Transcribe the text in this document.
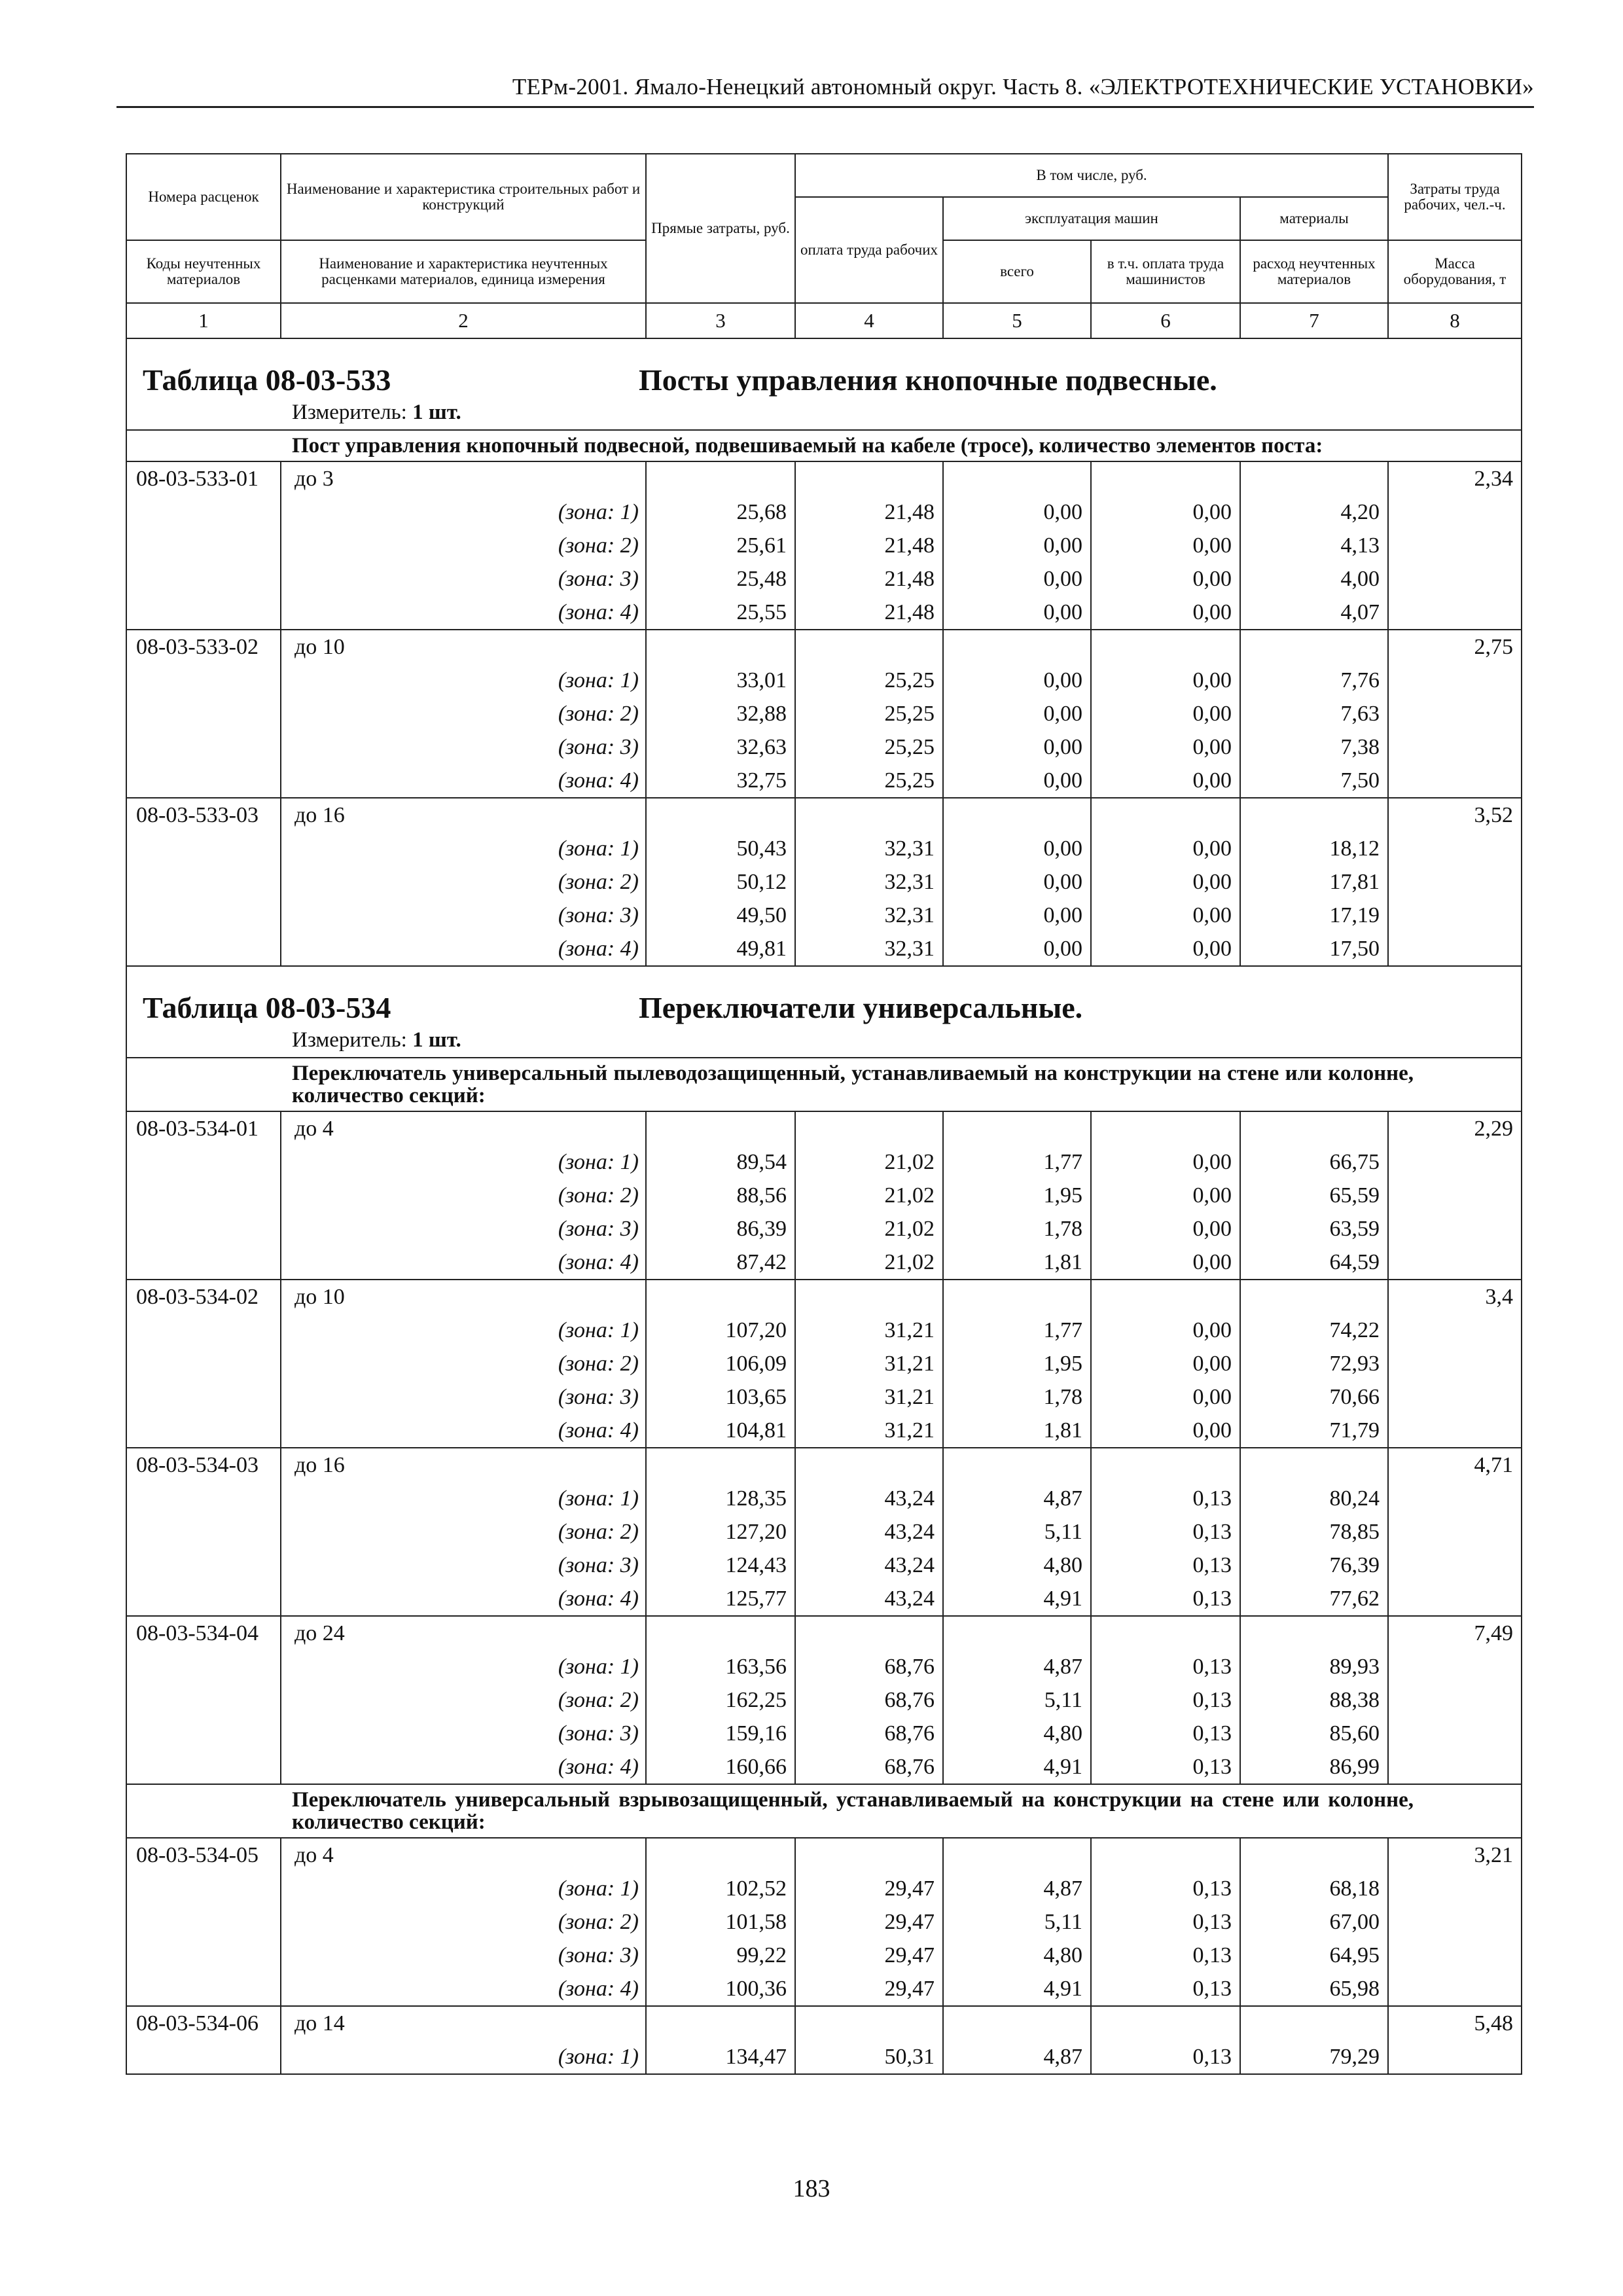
ТЕРм-2001. Ямало-Ненецкий автономный округ. Часть 8. «ЭЛЕКТРОТЕХНИЧЕСКИЕ УСТАНОВКИ»
Номера расценок	Наименование и характеристика строительных работ и конструкций	Прямые затраты, руб.	В том числе, руб.				Затраты труда рабочих, чел.-ч.
			оплата труда рабочих	эксплуатация машин		материалы	
Коды неучтенных материалов	Наименование и характеристика неучтенных расценками материалов, единица измерения			всего	в т.ч. оплата труда машинистов	расход неучтенных материалов	Масса оборудования, т
1	2	3	4	5	6	7	8

Таблица 08-03-533 Посты управления кнопочные подвесные.
Измеритель: 1 шт.							

Пост управления кнопочный подвесной, подвешиваемый на кабеле (тросе), количество элементов поста:							

08-03-533-01	до 3						2,34
	(зона: 1)	25,68	21,48	0,00	0,00	4,20	
	(зона: 2)	25,61	21,48	0,00	0,00	4,13	
	(зона: 3)	25,48	21,48	0,00	0,00	4,00	
	(зона: 4)	25,55	21,48	0,00	0,00	4,07	
08-03-533-02	до 10						2,75
	(зона: 1)	33,01	25,25	0,00	0,00	7,76	
	(зона: 2)	32,88	25,25	0,00	0,00	7,63	
	(зона: 3)	32,63	25,25	0,00	0,00	7,38	
	(зона: 4)	32,75	25,25	0,00	0,00	7,50	
08-03-533-03	до 16						3,52
	(зона: 1)	50,43	32,31	0,00	0,00	18,12	
	(зона: 2)	50,12	32,31	0,00	0,00	17,81	
	(зона: 3)	49,50	32,31	0,00	0,00	17,19	
	(зона: 4)	49,81	32,31	0,00	0,00	17,50	

Таблица 08-03-534 Переключатели универсальные.
Измеритель: 1 шт.							

Переключатель универсальный пылеводозащищенный, устанавливаемый на конструкции на стене или колонне, количество секций:							

08-03-534-01	до 4						2,29
	(зона: 1)	89,54	21,02	1,77	0,00	66,75	
	(зона: 2)	88,56	21,02	1,95	0,00	65,59	
	(зона: 3)	86,39	21,02	1,78	0,00	63,59	
	(зона: 4)	87,42	21,02	1,81	0,00	64,59	
08-03-534-02	до 10						3,4
	(зона: 1)	107,20	31,21	1,77	0,00	74,22	
	(зона: 2)	106,09	31,21	1,95	0,00	72,93	
	(зона: 3)	103,65	31,21	1,78	0,00	70,66	
	(зона: 4)	104,81	31,21	1,81	0,00	71,79	
08-03-534-03	до 16						4,71
	(зона: 1)	128,35	43,24	4,87	0,13	80,24	
	(зона: 2)	127,20	43,24	5,11	0,13	78,85	
	(зона: 3)	124,43	43,24	4,80	0,13	76,39	
	(зона: 4)	125,77	43,24	4,91	0,13	77,62	
08-03-534-04	до 24						7,49
	(зона: 1)	163,56	68,76	4,87	0,13	89,93	
	(зона: 2)	162,25	68,76	5,11	0,13	88,38	
	(зона: 3)	159,16	68,76	4,80	0,13	85,60	
	(зона: 4)	160,66	68,76	4,91	0,13	86,99	

Переключатель универсальный взрывозащищенный, устанавливаемый на конструкции на стене или колонне, количество секций:							

08-03-534-05	до 4						3,21
	(зона: 1)	102,52	29,47	4,87	0,13	68,18	
	(зона: 2)	101,58	29,47	5,11	0,13	67,00	
	(зона: 3)	99,22	29,47	4,80	0,13	64,95	
	(зона: 4)	100,36	29,47	4,91	0,13	65,98	
08-03-534-06	до 14						5,48
	(зона: 1)	134,47	50,31	4,87	0,13	79,29	
183
